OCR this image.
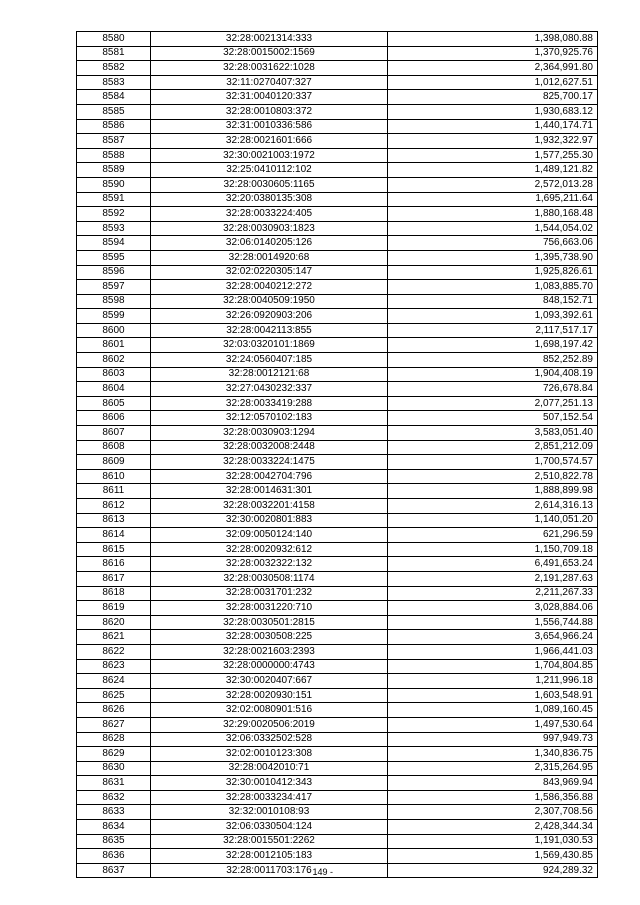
8580	32:28:0021314:333	1,398,080.88
8581	32:28:0015002:1569	1,370,925.76
8582	32:28:0031622:1028	2,364,991.80
8583	32:11:0270407:327	1,012,627.51
8584	32:31:0040120:337	825,700.17
8585	32:28:0010803:372	1,930,683.12
8586	32:31:0010336:586	1,440,174.71
8587	32:28:0021601:666	1,932,322.97
8588	32:30:0021003:1972	1,577,255.30
8589	32:25:0410112:102	1,489,121.82
8590	32:28:0030605:1165	2,572,013.28
8591	32:20:0380135:308	1,695,211.64
8592	32:28:0033224:405	1,880,168.48
8593	32:28:0030903:1823	1,544,054.02
8594	32:06:0140205:126	756,663.06
8595	32:28:0014920:68	1,395,738.90
8596	32:02:0220305:147	1,925,826.61
8597	32:28:0040212:272	1,083,885.70
8598	32:28:0040509:1950	848,152.71
8599	32:26:0920903:206	1,093,392.61
8600	32:28:0042113:855	2,117,517.17
8601	32:03:0320101:1869	1,698,197.42
8602	32:24:0560407:185	852,252.89
8603	32:28:0012121:68	1,904,408.19
8604	32:27:0430232:337	726,678.84
8605	32:28:0033419:288	2,077,251.13
8606	32:12:0570102:183	507,152.54
8607	32:28:0030903:1294	3,583,051.40
8608	32:28:0032008:2448	2,851,212.09
8609	32:28:0033224:1475	1,700,574.57
8610	32:28:0042704:796	2,510,822.78
8611	32:28:0014631:301	1,888,899.98
8612	32:28:0032201:4158	2,614,316.13
8613	32:30:0020801:883	1,140,051.20
8614	32:09:0050124:140	621,296.59
8615	32:28:0020932:612	1,150,709.18
8616	32:28:0032322:132	6,491,653.24
8617	32:28:0030508:1174	2,191,287.63
8618	32:28:0031701:232	2,211,267.33
8619	32:28:0031220:710	3,028,884.06
8620	32:28:0030501:2815	1,556,744.88
8621	32:28:0030508:225	3,654,966.24
8622	32:28:0021603:2393	1,966,441.03
8623	32:28:0000000:4743	1,704,804.85
8624	32:30:0020407:667	1,211,996.18
8625	32:28:0020930:151	1,603,548.91
8626	32:02:0080901:516	1,089,160.45
8627	32:29:0020506:2019	1,497,530.64
8628	32:06:0332502:528	997,949.73
8629	32:02:0010123:308	1,340,836.75
8630	32:28:0042010:71	2,315,264.95
8631	32:30:0010412:343	843,969.94
8632	32:28:0033234:417	1,586,356.88
8633	32:32:0010108:93	2,307,708.56
8634	32:06:0330504:124	2,428,344.34
8635	32:28:0015501:2262	1,191,030.53
8636	32:28:0012105:183	1,569,430.85
8637	32:28:0011703:176	924,289.32
- 149 -
